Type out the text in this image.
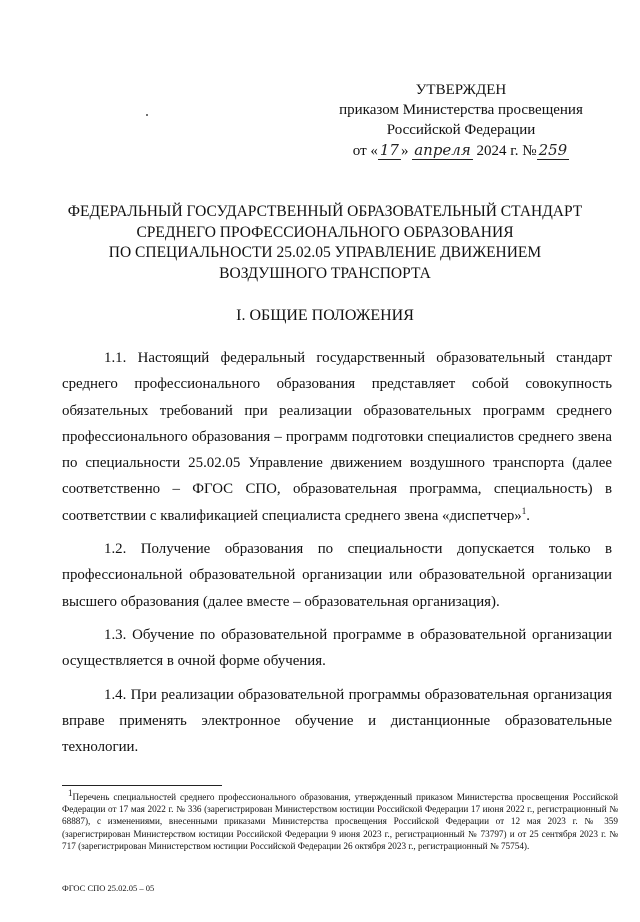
УТВЕРЖДЕН
приказом Министерства просвещения
Российской Федерации
от « 17 » апреля 2024 г. № 259
ФЕДЕРАЛЬНЫЙ ГОСУДАРСТВЕННЫЙ ОБРАЗОВАТЕЛЬНЫЙ СТАНДАРТ
СРЕДНЕГО ПРОФЕССИОНАЛЬНОГО ОБРАЗОВАНИЯ
ПО СПЕЦИАЛЬНОСТИ 25.02.05 УПРАВЛЕНИЕ ДВИЖЕНИЕМ
ВОЗДУШНОГО ТРАНСПОРТА
I. ОБЩИЕ ПОЛОЖЕНИЯ

1.1. Настоящий федеральный государственный образовательный стандарт среднего профессионального образования представляет собой совокупность обязательных требований при реализации образовательных программ среднего профессионального образования – программ подготовки специалистов среднего звена по специальности 25.02.05 Управление движением воздушного транспорта (далее соответственно – ФГОС СПО, образовательная программа, специальность) в соответствии с квалификацией специалиста среднего звена «диспетчер»$^1$.

1.2. Получение образования по специальности допускается только в профессиональной образовательной организации или образовательной организации высшего образования (далее вместе – образовательная организация).

1.3. Обучение по образовательной программе в образовательной организации осуществляется в очной форме обучения.

1.4. При реализации образовательной программы образовательная организация вправе применять электронное обучение и дистанционные образовательные технологии.

$^1$Перечень специальностей среднего профессионального образования, утвержденный приказом Министерства просвещения Российской Федерации от 17 мая 2022 г. № 336 (зарегистрирован Министерством юстиции Российской Федерации 17 июня 2022 г., регистрационный № 68887), с изменениями, внесенными приказами Министерства просвещения Российской Федерации от 12 мая 2023 г. № 359 (зарегистрирован Министерством юстиции Российской Федерации 9 июня 2023 г., регистрационный № 73797) и от 25 сентября 2023 г. № 717 (зарегистрирован Министерством юстиции Российской Федерации 26 октября 2023 г., регистрационный № 75754).
ФГОС СПО 25.02.05 – 05
